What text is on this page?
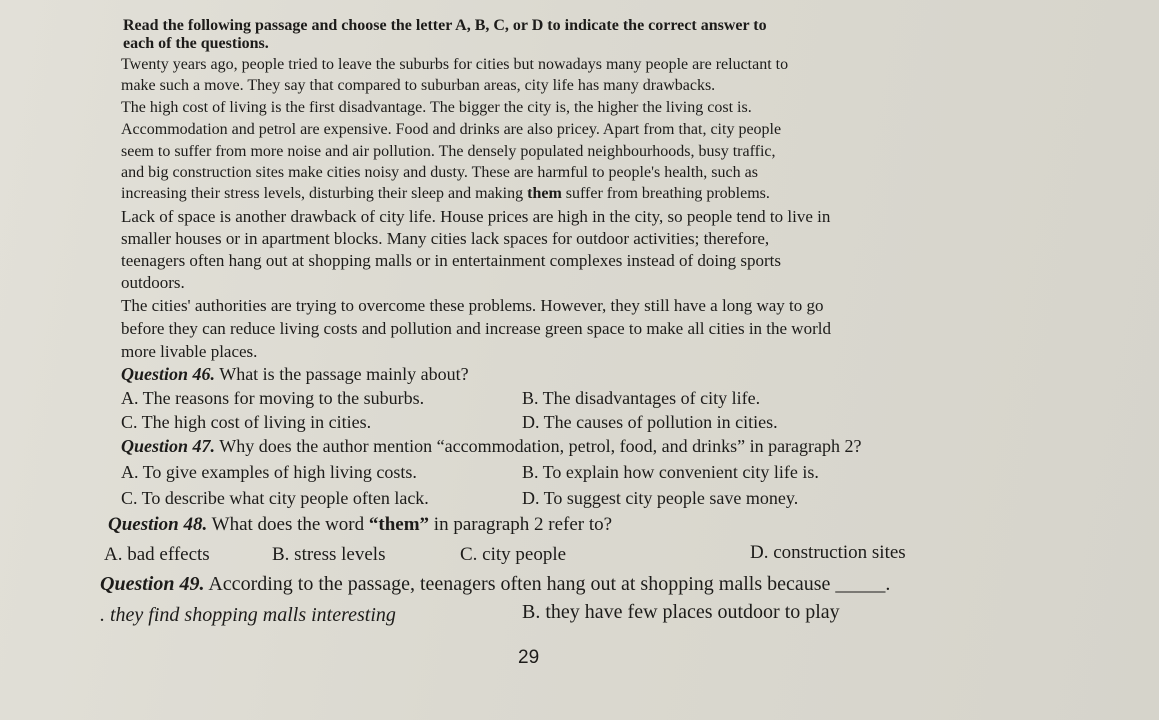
Read the following passage and choose the letter A, B, C, or D to indicate the correct answer to
each of the questions.
Twenty years ago, people tried to leave the suburbs for cities but nowadays many people are reluctant to
make such a move. They say that compared to suburban areas, city life has many drawbacks.
The high cost of living is the first disadvantage. The bigger the city is, the higher the living cost is.
Accommodation and petrol are expensive. Food and drinks are also pricey. Apart from that, city people
seem to suffer from more noise and air pollution. The densely populated neighbourhoods, busy traffic,
and big construction sites make cities noisy and dusty. These are harmful to people's health, such as
increasing their stress levels, disturbing their sleep and making them suffer from breathing problems.
Lack of space is another drawback of city life. House prices are high in the city, so people tend to live in
smaller houses or in apartment blocks. Many cities lack spaces for outdoor activities; therefore,
teenagers often hang out at shopping malls or in entertainment complexes instead of doing sports
outdoors.
The cities' authorities are trying to overcome these problems. However, they still have a long way to go
before they can reduce living costs and pollution and increase green space to make all cities in the world
more livable places.
Question 46. What is the passage mainly about?
A. The reasons for moving to the suburbs.	B. The disadvantages of city life.
C. The high cost of living in cities.	D. The causes of pollution in cities.
Question 47. Why does the author mention “accommodation, petrol, food, and drinks” in paragraph 2?
A. To give examples of high living costs.	B. To explain how convenient city life is.
C. To describe what city people often lack.	D. To suggest city people save money.
Question 48. What does the word “them” in paragraph 2 refer to?
A. bad effects	B. stress levels	C. city people	D. construction sites
Question 49. According to the passage, teenagers often hang out at shopping malls because _____.
. they find shopping malls interesting	B. they have few places outdoor to play
29
